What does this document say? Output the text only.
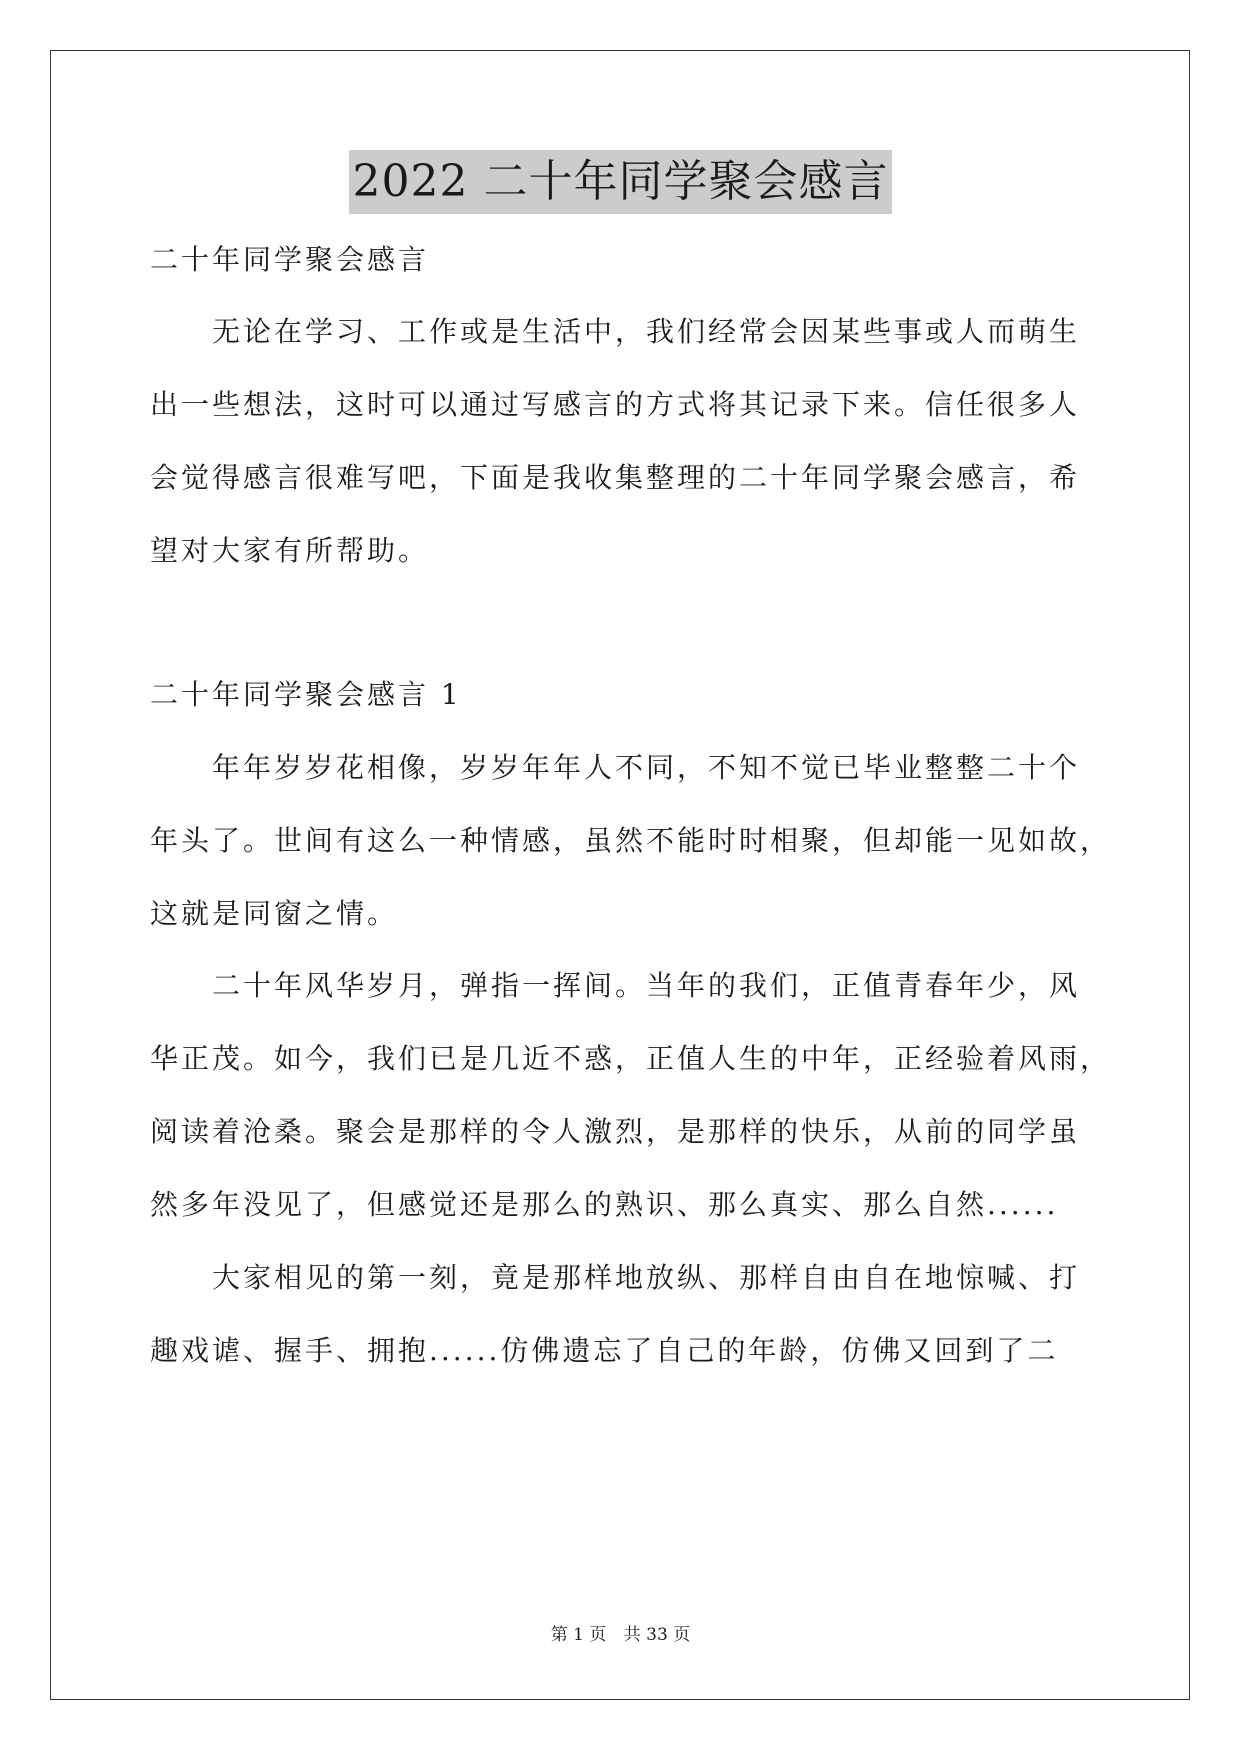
2022 二十年同学聚会感言
二十年同学聚会感言
无论在学习、工作或是生活中，我们经常会因某些事或人而萌生
出一些想法，这时可以通过写感言的方式将其记录下来。信任很多人
会觉得感言很难写吧，下面是我收集整理的二十年同学聚会感言，希
望对大家有所帮助。
二十年同学聚会感言 1
年年岁岁花相像，岁岁年年人不同，不知不觉已毕业整整二十个
年头了。世间有这么一种情感，虽然不能时时相聚，但却能一见如故，
这就是同窗之情。
二十年风华岁月，弹指一挥间。当年的我们，正值青春年少，风
华正茂。如今，我们已是几近不惑，正值人生的中年，正经验着风雨，
阅读着沧桑。聚会是那样的令人激烈，是那样的快乐，从前的同学虽
然多年没见了，但感觉还是那么的熟识、那么真实、那么自然......
大家相见的第一刻，竟是那样地放纵、那样自由自在地惊喊、打
趣戏谑、握手、拥抱......仿佛遗忘了自己的年龄，仿佛又回到了二
第 1 页 共 33 页
